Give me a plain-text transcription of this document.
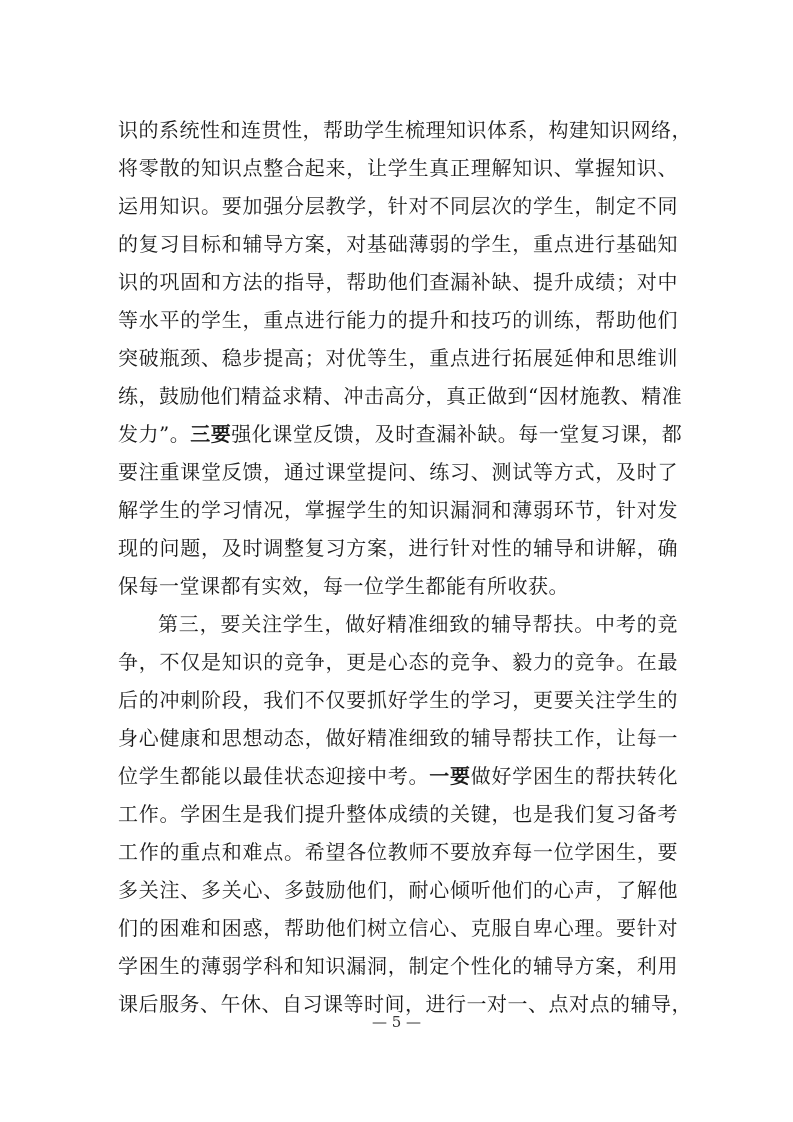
识的系统性和连贯性，帮助学生梳理知识体系，构建知识网络，
将零散的知识点整合起来，让学生真正理解知识、掌握知识、
运用知识。要加强分层教学，针对不同层次的学生，制定不同
的复习目标和辅导方案，对基础薄弱的学生，重点进行基础知
识的巩固和方法的指导，帮助他们查漏补缺、提升成绩；对中
等水平的学生，重点进行能力的提升和技巧的训练，帮助他们
突破瓶颈、稳步提高；对优等生，重点进行拓展延伸和思维训
练，鼓励他们精益求精、冲击高分，真正做到“因材施教、精准
发力”。三要强化课堂反馈，及时查漏补缺。每一堂复习课，都
要注重课堂反馈，通过课堂提问、练习、测试等方式，及时了
解学生的学习情况，掌握学生的知识漏洞和薄弱环节，针对发
现的问题，及时调整复习方案，进行针对性的辅导和讲解，确
保每一堂课都有实效，每一位学生都能有所收获。
第三，要关注学生，做好精准细致的辅导帮扶。中考的竞
争，不仅是知识的竞争，更是心态的竞争、毅力的竞争。在最
后的冲刺阶段，我们不仅要抓好学生的学习，更要关注学生的
身心健康和思想动态，做好精准细致的辅导帮扶工作，让每一
位学生都能以最佳状态迎接中考。一要做好学困生的帮扶转化
工作。学困生是我们提升整体成绩的关键，也是我们复习备考
工作的重点和难点。希望各位教师不要放弃每一位学困生，要
多关注、多关心、多鼓励他们，耐心倾听他们的心声，了解他
们的困难和困惑，帮助他们树立信心、克服自卑心理。要针对
学困生的薄弱学科和知识漏洞，制定个性化的辅导方案，利用
课后服务、午休、自习课等时间，进行一对一、点对点的辅导，
— 5 —
